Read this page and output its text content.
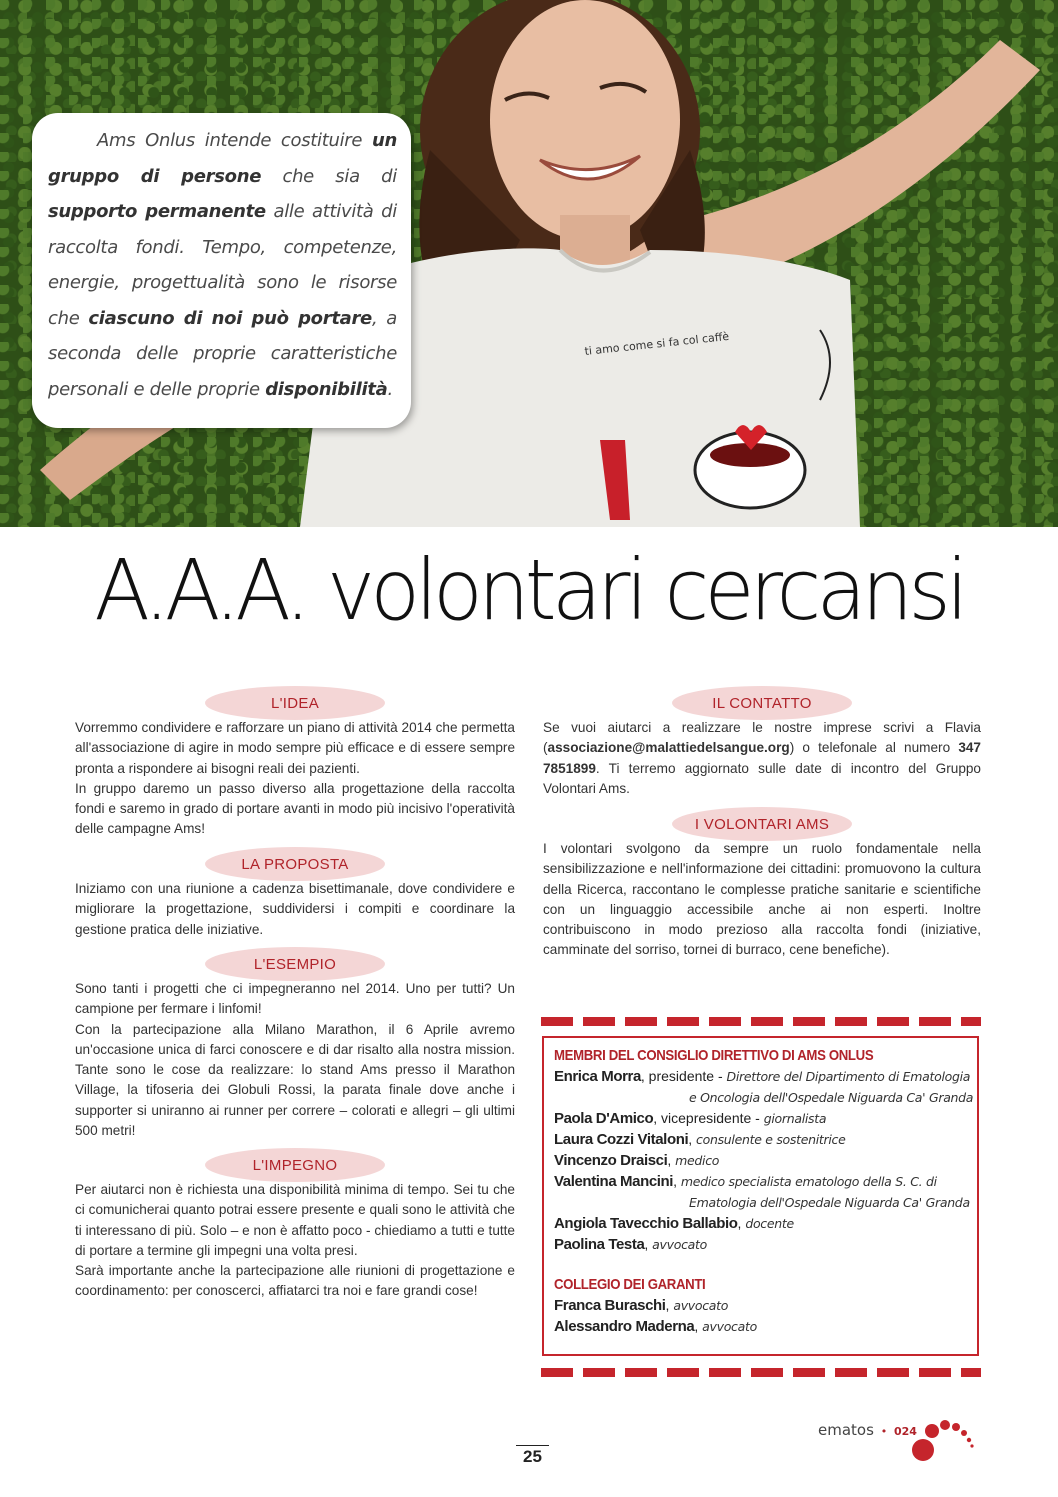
ti amo come si fa col caffè

Ams Onlus intende costituire un gruppo di persone che sia di supporto permanente alle attività di raccolta fondi. Tempo, competenze, energie, progettualità sono le risorse che ciascuno di noi può portare, a seconda delle proprie caratteristiche personali e delle proprie disponibilità.

A.A.A. volontari cercansi
L'IDEA

Vorremmo condividere e rafforzare un piano di attività 2014 che permetta all'associazione di agire in modo sempre più efficace e di essere sempre pronta a rispondere ai bisogni reali dei pazienti.

In gruppo daremo un passo diverso alla progettazione della raccolta fondi e saremo in grado di portare avanti in modo più incisivo l'operatività delle campagne Ams!

LA PROPOSTA

Iniziamo con una riunione a cadenza bisettimanale, dove condividere e migliorare la progettazione, suddividersi i compiti e coordinare la gestione pratica delle iniziative.

L'ESEMPIO

Sono tanti i progetti che ci impegneranno nel 2014. Uno per tutti? Un campione per fermare i linfomi!

Con la partecipazione alla Milano Marathon, il 6 Aprile avremo un'occasione unica di farci conoscere e di dar risalto alla nostra mission. Tante sono le cose da realizzare: lo stand Ams presso il Marathon Village, la tifoseria dei Globuli Rossi, la parata finale dove anche i supporter si uniranno ai runner per correre – colorati e allegri – gli ultimi 500 metri!

L'IMPEGNO

Per aiutarci non è richiesta una disponibilità minima di tempo. Sei tu che ci comunicherai quanto potrai essere presente e quali sono le attività che ti interessano di più. Solo – e non è affatto poco - chiediamo a tutti e tutte di portare a termine gli impegni una volta presi.

Sarà importante anche la partecipazione alle riunioni di progettazione e coordinamento: per conoscerci, affiatarci tra noi e fare grandi cose!

IL CONTATTO

Se vuoi aiutarci a realizzare le nostre imprese scrivi a Flavia (associazione@malattiedelsangue.org) o telefonale al numero 347 7851899. Ti terremo aggiornato sulle date di incontro del Gruppo Volontari Ams.

I VOLONTARI AMS

I volontari svolgono da sempre un ruolo fondamentale nella sensibilizzazione e nell'informazione dei cittadini: promuovono la cultura della Ricerca, raccontano le complesse pratiche sanitarie e scientifiche con un linguaggio accessibile anche ai non esperti. Inoltre contribuiscono in modo prezioso alla raccolta fondi (iniziative, camminate del sorriso, tornei di burraco, cene benefiche).

MEMBRI DEL CONSIGLIO DIRETTIVO DI AMS ONLUS
Enrica Morra, presidente - Direttore del Dipartimento di Ematologia
e Oncologia dell'Ospedale Niguarda Ca' Granda
Paola D'Amico, vicepresidente - giornalista
Laura Cozzi Vitaloni, consulente e sostenitrice
Vincenzo Draisci, medico
Valentina Mancini, medico specialista ematologo della S. C. di
Ematologia dell'Ospedale Niguarda Ca' Granda
Angiola Tavecchio Ballabio, docente
Paolina Testa, avvocato
COLLEGIO DEI GARANTI
Franca Buraschi, avvocato
Alessandro Maderna, avvocato
25
ematos • 024
